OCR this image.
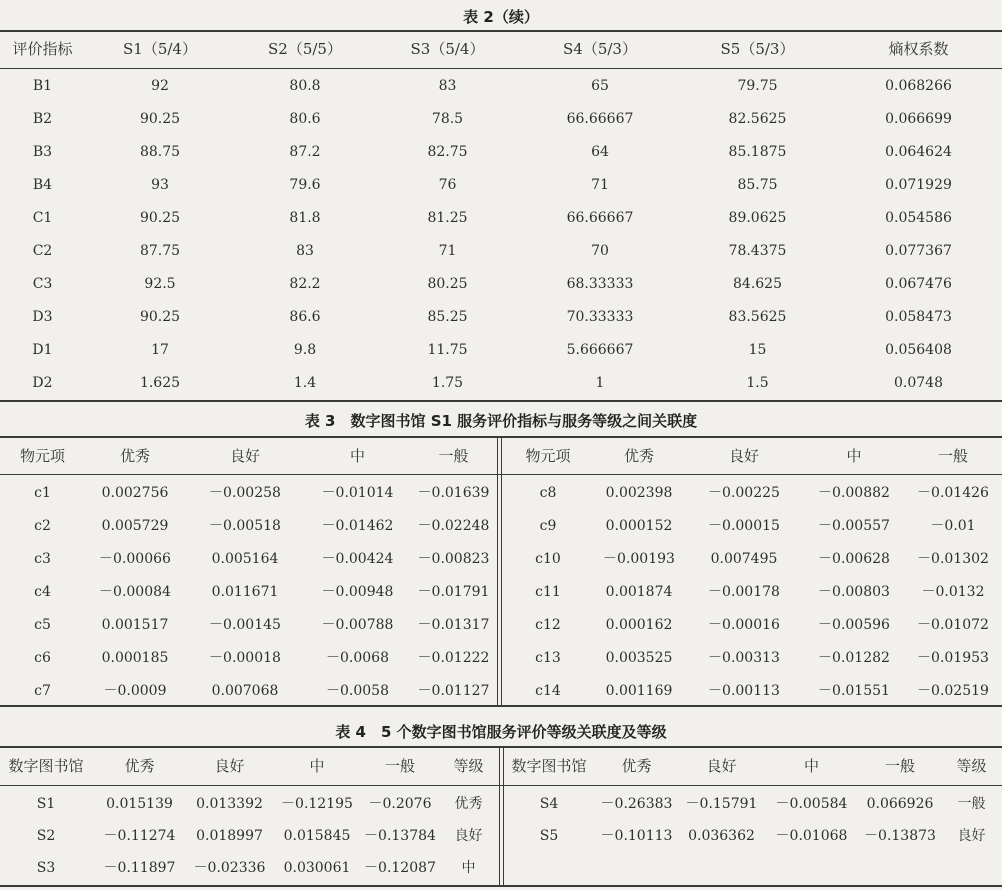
表 2（续）
评价指标	S1（5/4）	S2（5/5）	S3（5/4）	S4（5/3）	S5（5/3）	熵权系数
B1	92	80.8	83	65	79.75	0.068266
B2	90.25	80.6	78.5	66.66667	82.5625	0.066699
B3	88.75	87.2	82.75	64	85.1875	0.064624
B4	93	79.6	76	71	85.75	0.071929
C1	90.25	81.8	81.25	66.66667	89.0625	0.054586
C2	87.75	83	71	70	78.4375	0.077367
C3	92.5	82.2	80.25	68.33333	84.625	0.067476
D3	90.25	86.6	85.25	70.33333	83.5625	0.058473
D1	17	9.8	11.75	5.666667	15	0.056408
D2	1.625	1.4	1.75	1	1.5	0.0748
表 3　数字图书馆 S1 服务评价指标与服务等级之间关联度
物元项	优秀	良好	中	一般	物元项	优秀	良好	中	一般
c1	0.002756	－0.00258	－0.01014	－0.01639
c2	0.005729	－0.00518	－0.01462	－0.02248
c3	－0.00066	0.005164	－0.00424	－0.00823
c4	－0.00084	0.011671	－0.00948	－0.01791
c5	0.001517	－0.00145	－0.00788	－0.01317
c6	0.000185	－0.00018	－0.0068	－0.01222
c7	－0.0009	0.007068	－0.0058	－0.01127
c8	0.002398	－0.00225	－0.00882	－0.01426
c9	0.000152	－0.00015	－0.00557	－0.01
c10	－0.00193	0.007495	－0.00628	－0.01302
c11	0.001874	－0.00178	－0.00803	－0.0132
c12	0.000162	－0.00016	－0.00596	－0.01072
c13	0.003525	－0.00313	－0.01282	－0.01953
c14	0.001169	－0.00113	－0.01551	－0.02519
表 4　5 个数字图书馆服务评价等级关联度及等级
数字图书馆	优秀	良好	中	一般	等级	数字图书馆	优秀	良好	中	一般	等级
S1	0.015139	0.013392	－0.12195	－0.2076	优秀
S2	－0.11274	0.018997	0.015845 －0.13784	良好
S3	－0.11897	－0.02336	0.030061 －0.12087	中
S4	－0.26383 －0.15791	－0.00584	0.066926	一般
S5	－0.10113	0.036362	－0.01068	－0.13873	良好
